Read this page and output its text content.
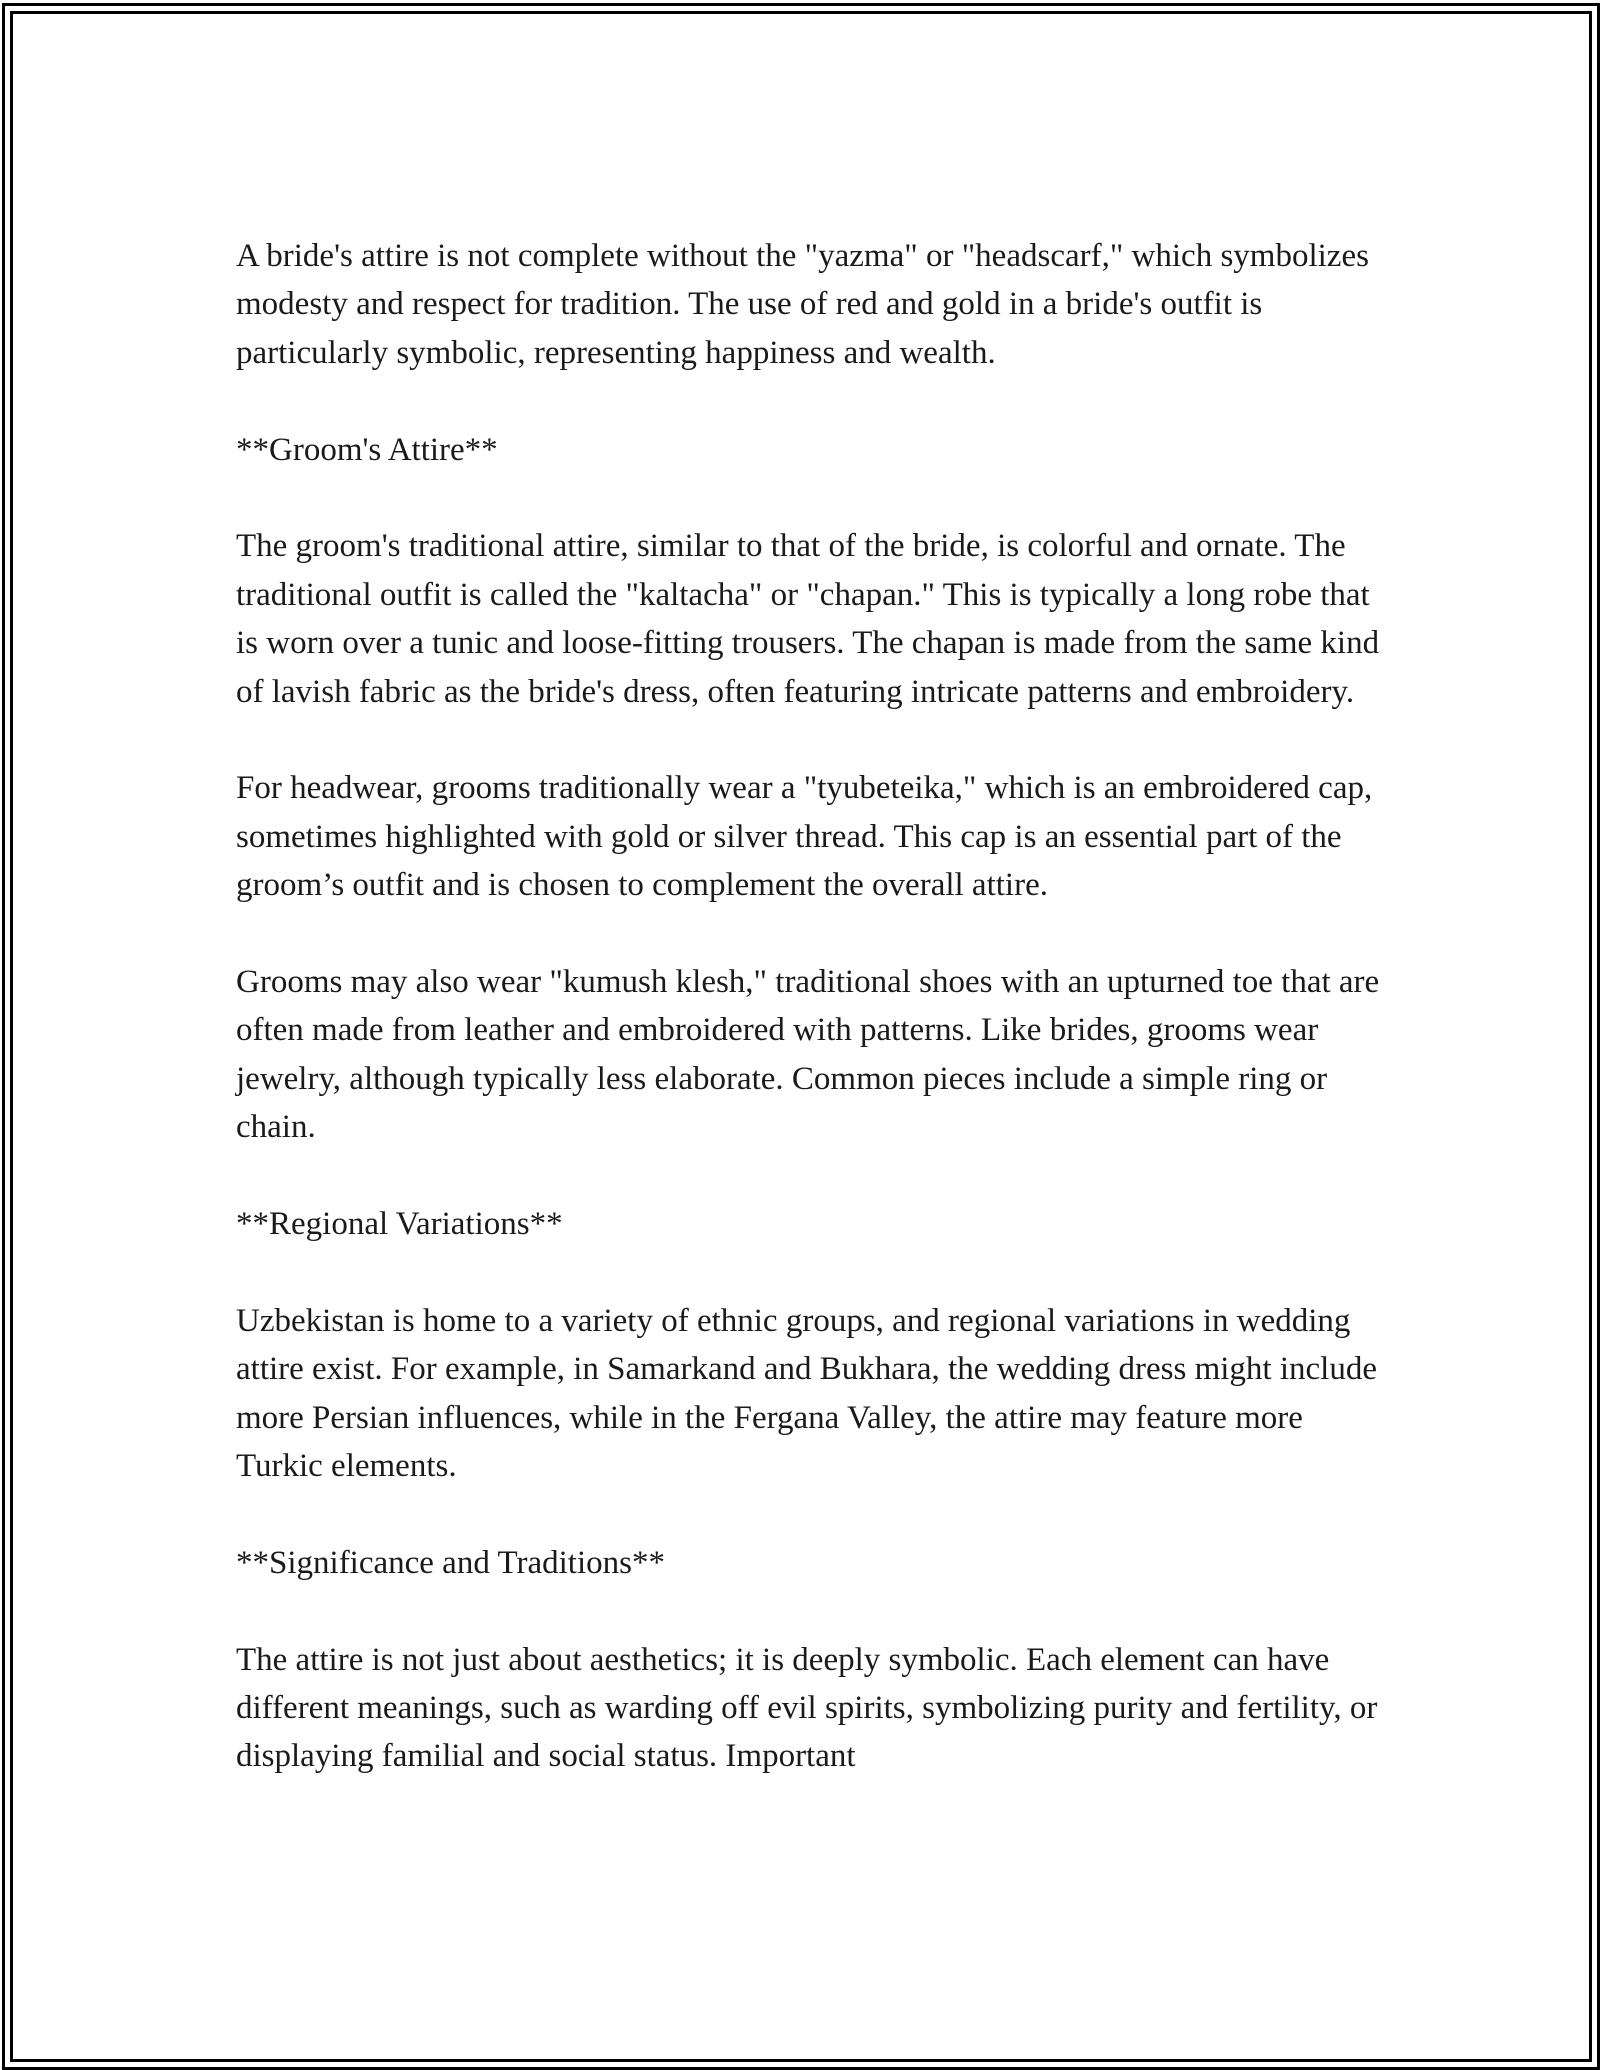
A bride's attire is not complete without the "yazma" or "headscarf," which symbolizes modesty and respect for tradition. The use of red and gold in a bride's outfit is particularly symbolic, representing happiness and wealth.

**Groom's Attire**

The groom's traditional attire, similar to that of the bride, is colorful and ornate. The traditional outfit is called the "kaltacha" or "chapan." This is typically a long robe that is worn over a tunic and loose-fitting trousers. The chapan is made from the same kind of lavish fabric as the bride's dress, often featuring intricate patterns and embroidery.

For headwear, grooms traditionally wear a "tyubeteika," which is an embroidered cap, sometimes highlighted with gold or silver thread. This cap is an essential part of the groom’s outfit and is chosen to complement the overall attire.

Grooms may also wear "kumush klesh," traditional shoes with an upturned toe that are often made from leather and embroidered with patterns. Like brides, grooms wear jewelry, although typically less elaborate. Common pieces include a simple ring or chain.

**Regional Variations**

Uzbekistan is home to a variety of ethnic groups, and regional variations in wedding attire exist. For example, in Samarkand and Bukhara, the wedding dress might include more Persian influences, while in the Fergana Valley, the attire may feature more Turkic elements.

**Significance and Traditions**

The attire is not just about aesthetics; it is deeply symbolic. Each element can have different meanings, such as warding off evil spirits, symbolizing purity and fertility, or displaying familial and social status. Important
